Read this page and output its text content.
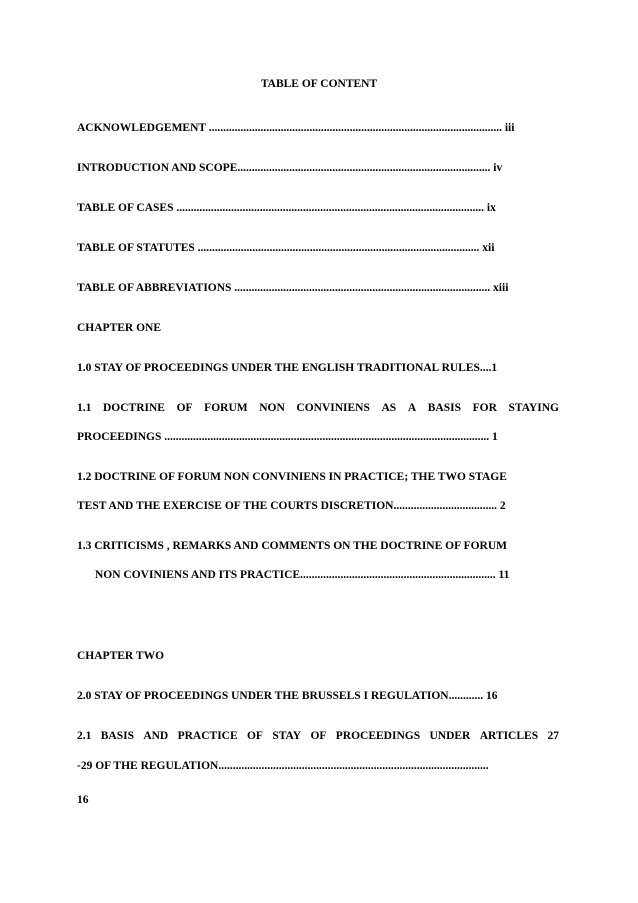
TABLE OF CONTENT
ACKNOWLEDGEMENT ...................................................................................................... iii
INTRODUCTION AND SCOPE........................................................................................ iv
TABLE OF CASES ........................................................................................................... ix
TABLE OF STATUTES .................................................................................................. xii
TABLE OF ABBREVIATIONS ......................................................................................... xiii
CHAPTER ONE
1.0 STAY OF PROCEEDINGS UNDER THE ENGLISH TRADITIONAL RULES....1
1.1 DOCTRINE OF FORUM NON CONVINIENS AS A BASIS FOR STAYING
PROCEEDINGS ................................................................................................................. 1
1.2 DOCTRINE OF FORUM NON CONVINIENS IN PRACTICE; THE TWO STAGE
TEST AND THE EXERCISE OF THE COURTS DISCRETION.................................... 2
1.3 CRITICISMS , REMARKS AND COMMENTS ON THE DOCTRINE OF FORUM
NON COVINIENS AND ITS PRACTICE.................................................................... 11
CHAPTER TWO
2.0 STAY OF PROCEEDINGS UNDER THE BRUSSELS I REGULATION............ 16
2.1 BASIS AND PRACTICE OF STAY OF PROCEEDINGS UNDER ARTICLES 27
-29 OF THE REGULATION..............................................................................................
16
